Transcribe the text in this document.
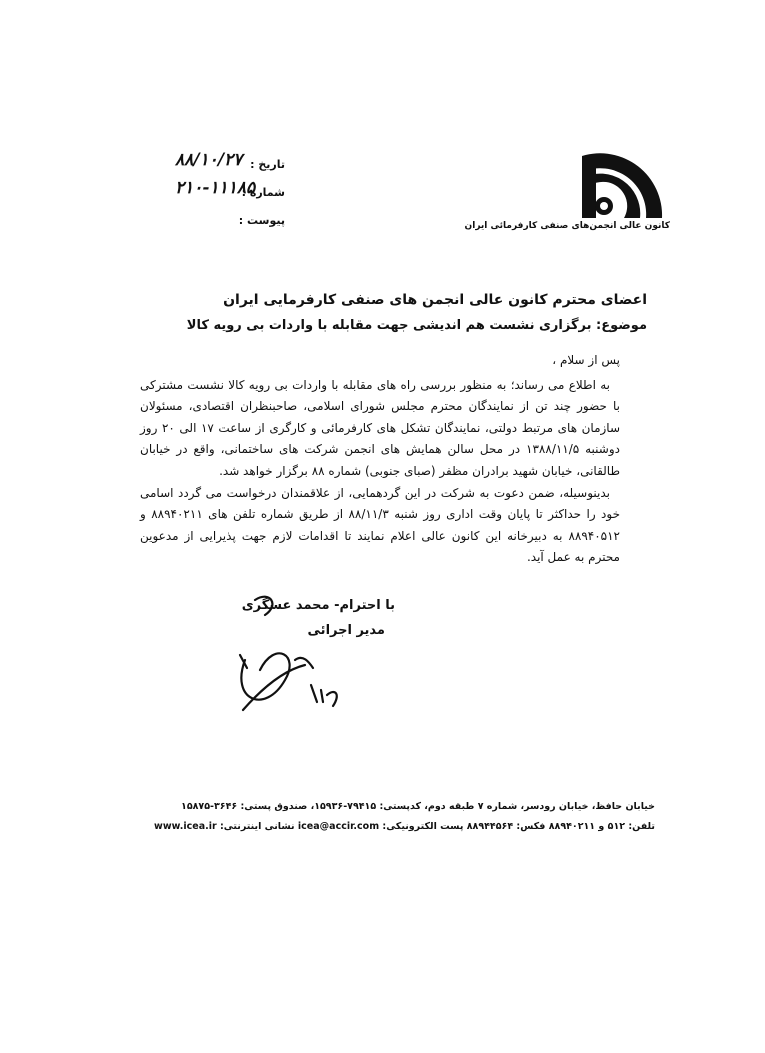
کانون عالی انجمن‌های صنفی کارفرمائی ایران
تاریخ :
۸۸/۱۰/۲۷
شماره :
۲۱۰-۱۱۱۸۵
پیوست :
اعضای محترم کانون عالی انجمن های صنفی کارفرمایی ایران
موضوع: برگزاری نشست هم اندیشی جهت مقابله با واردات بی رویه کالا

پس از سلام ،

به اطلاع می رساند؛ به منظور بررسی راه های مقابله با واردات بی رویه کالا نشست مشترکی با حضور چند تن از نمایندگان محترم مجلس شورای اسلامی، صاحبنظران اقتصادی، مسئولان سازمان های مرتبط دولتی، نمایندگان تشکل های کارفرمائی و کارگری از ساعت ۱۷ الی ۲۰ روز دوشنبه ۱۳۸۸/۱۱/۵ در محل سالن همایش های انجمن شرکت های ساختمانی، واقع در خیابان طالقانی، خیابان شهید برادران مظفر (صبای جنوبی) شماره ۸۸ برگزار خواهد شد.

بدینوسیله، ضمن دعوت به شرکت در این گردهمایی، از علاقمندان درخواست می گردد اسامی خود را حداکثر تا پایان وقت اداری روز شنبه ۸۸/۱۱/۳ از طریق شماره تلفن های ۸۸۹۴۰۲۱۱ و ۸۸۹۴۰۵۱۲ به دبیرخانه این کانون عالی اعلام نمایند تا اقدامات لازم جهت پذیرایی از مدعوین محترم به عمل آید.

با احترام- محمد عسگری
مدیر اجرائی
خیابان حافظ، خیابان رودسر، شماره ۷ طبقه دوم، کدپستی: ۷۹۴۱۵-۱۵۹۳۶، صندوق پستی: ۳۶۴۶-۱۵۸۷۵
تلفن: ۵۱۲ و ۸۸۹۴۰۲۱۱ فکس: ۸۸۹۴۴۵۶۴ پست الکترونیکی: icea@accir.com نشانی اینترنتی: www.icea.ir
